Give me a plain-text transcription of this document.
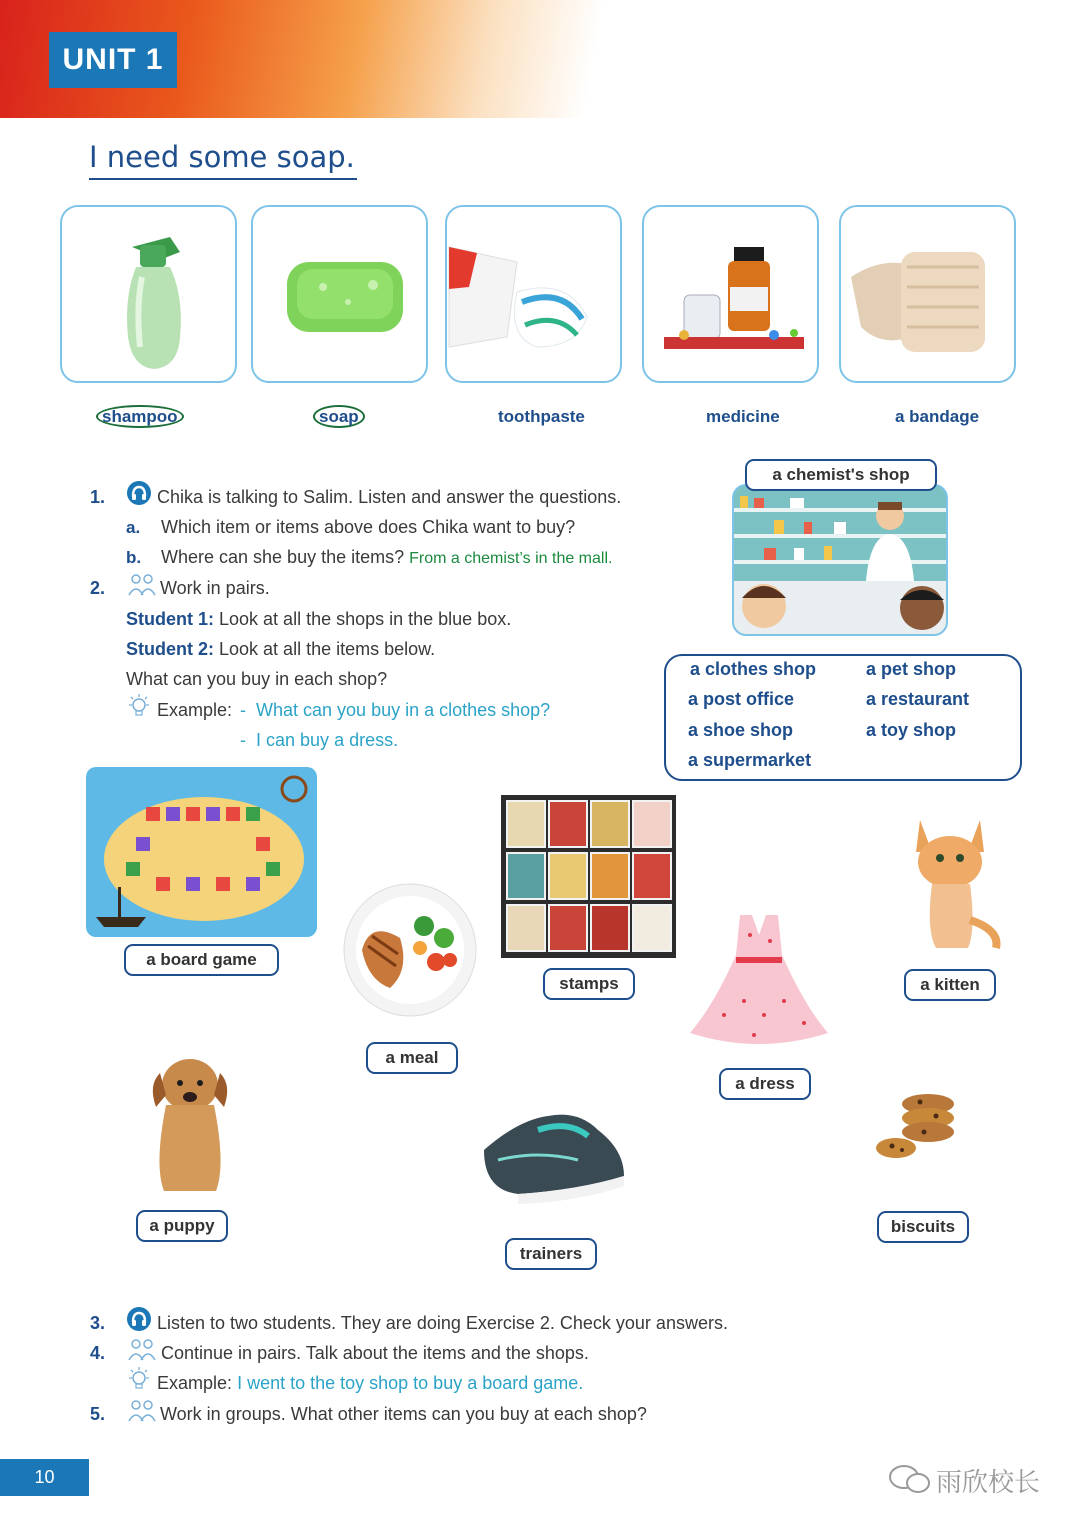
UNIT 1
I need some soap.
shampoo	soap	toothpaste	medicine	a bandage
1.	Chika is talking to Salim. Listen and answer the questions.
a. Which item or items above does Chika want to buy?
b. Where can she buy the items? From a chemist’s in the mall.
2.	Work in pairs.
Student 1: Look at all the shops in the blue box.
Student 2: Look at all the items below.
What can you buy in each shop?
Example: - What can you buy in a clothes shop?
- I can buy a dress.
a chemist's shop
a clothes shop	a pet shop
a post office	a restaurant
a shoe shop	a toy shop
a supermarket
a board game
a meal
stamps
a dress
a kitten
a puppy
trainers
biscuits
3.	Listen to two students. They are doing Exercise 2. Check your answers.
4.	Continue in pairs. Talk about the items and the shops.
Example: I went to the toy shop to buy a board game.
5.	Work in groups. What other items can you buy at each shop?
10	雨欣校长
